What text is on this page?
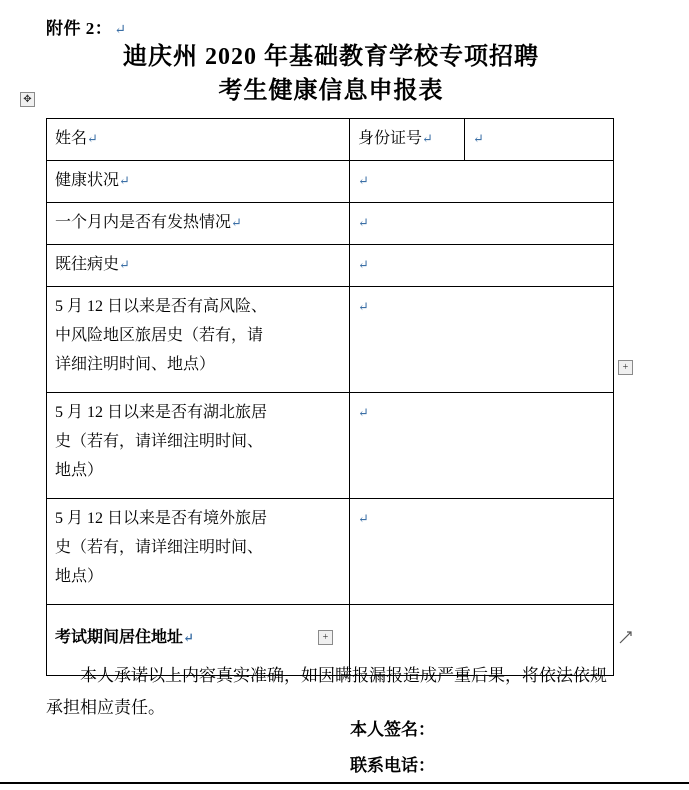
附件 2： ↵
迪庆州 2020 年基础教育学校专项招聘
考生健康信息申报表
姓名↵	身份证号↵	↵
健康状况↵	↵	
一个月内是否有发热情况↵	↵	
既往病史↵	↵	

5 月 12 日以来是否有高风险、
中风险地区旅居史（若有，请
详细注明时间、地点）	↵	

5 月 12 日以来是否有湖北旅居
史（若有，请详细注明时间、
地点）	↵	

5 月 12 日以来是否有境外旅居
史（若有，请详细注明时间、
地点）	↵	
考试期间居住地址↵		
本人承诺以上内容真实准确，如因瞒报漏报造成严重后果，将依法依规承担相应责任。
本人签名：
联系电话：
✥
+
+
